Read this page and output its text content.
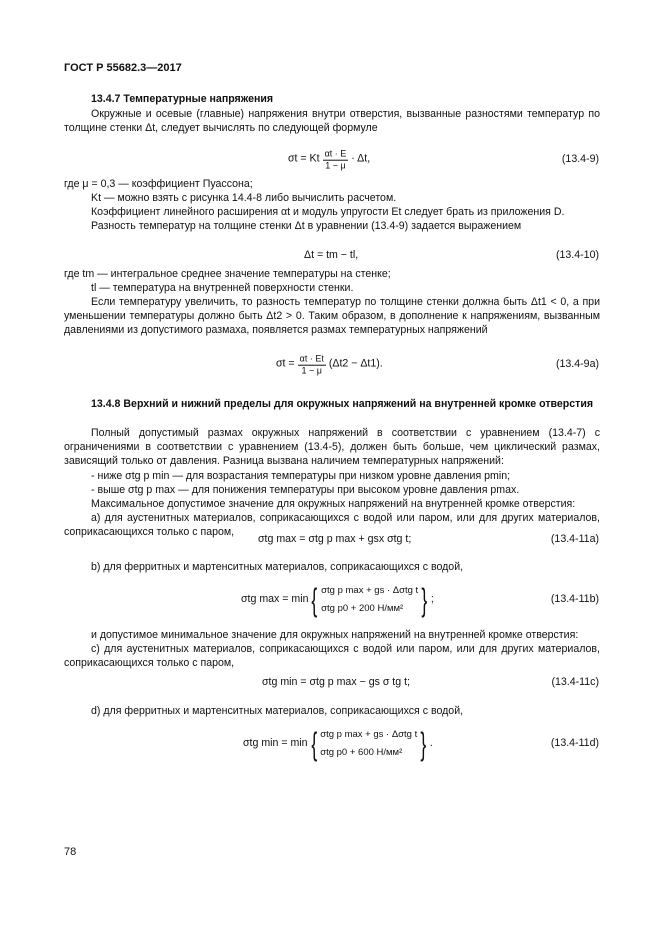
ГОСТ Р 55682.3—2017
13.4.7 Температурные напряжения
Окружные и осевые (главные) напряжения внутри отверстия, вызванные разностями температур по толщине стенки Δt, следует вычислять по следующей формуле
σt = Kt $\frac{\alpha t \cdot E}{1 - \mu} \cdot \Delta t$,	(13.4-9)
где μ = 0,3 — коэффициент Пуассона;
Kt — можно взять с рисунка 14.4-8 либо вычислить расчетом.
Коэффициент линейного расширения αt и модуль упругости Et следует брать из приложения D.
Разность температур на толщине стенки Δt в уравнении (13.4-9) задается выражением
Δt = tm − tl,	(13.4-10)
где tm — интегральное среднее значение температуры на стенке;
tl — температура на внутренней поверхности стенки.
Если температуру увеличить, то разность температур по толщине стенки должна быть Δt1 < 0, а при уменьшении температуры должно быть Δt2 > 0. Таким образом, в дополнение к напряжениям, вызванным давлениями из допустимого размаха, появляется размах температурных напряжений
$\sigma t = \frac{\alpha t \cdot Et}{1 - \mu} (\Delta t2 - \Delta t1)$.	(13.4-9a)
13.4.8 Верхний и нижний пределы для окружных напряжений на внутренней кромке отверстия
Полный допустимый размах окружных напряжений в соответствии с уравнением (13.4-7) с ограничениями в соответствии с уравнением (13.4-5), должен быть больше, чем циклический размах, зависящий только от давления. Разница вызвана наличием температурных напряжений:
- ниже σtg p min — для возрастания температуры при низком уровне давления pmin;
- выше σtg p max — для понижения температуры при высоком уровне давления pmax.
Максимальное допустимое значение для окружных напряжений на внутренней кромке отверстия:
а) для аустенитных материалов, соприкасающихся с водой или паром, или для других материалов, соприкасающихся только с паром,
σtg max = σtg p max + gsx σtg t;	(13.4-11a)
b) для ферритных и мартенситных материалов, соприкасающихся с водой,
σtg max = min { σtg p max + gs · Δσtg t
σtg p0 + 200 Н/мм² } ;	(13.4-11b)
и допустимое минимальное значение для окружных напряжений на внутренней кромке отверстия:
с) для аустенитных материалов, соприкасающихся с водой или паром, или для других материалов, соприкасающихся только с паром,
σtg min = σtg p max − gs σ tg t;	(13.4-11c)
d) для ферритных и мартенситных материалов, соприкасающихся с водой,
σtg min = min { σtg p max + gs · Δσtg t
σtg p0 + 600 Н/мм² } .	(13.4-11d)
78
